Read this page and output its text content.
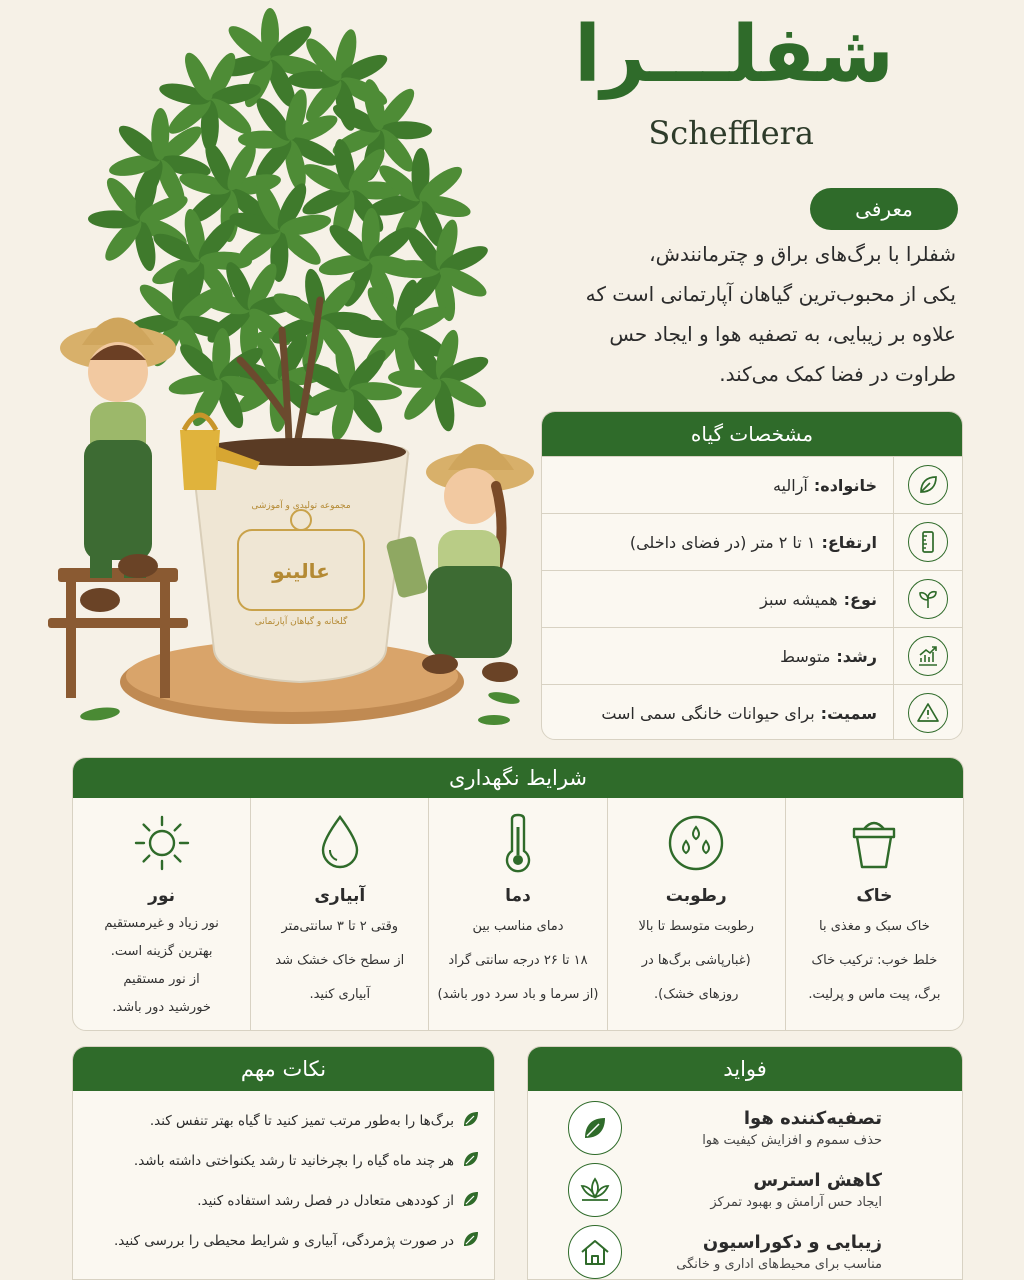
مجموعه تولیدی و آموزشی
عالینو
گلخانه و گیاهان آپارتمانی
شفلـــرا
Schefflera
معرفی
شفلرا با برگ‌های براق و چترمانندش،
یکی از محبوب‌ترین گیاهان آپارتمانی است که
علاوه بر زیبایی، به تصفیه هوا و ایجاد حس
طراوت در فضا کمک می‌کند.
مشخصات گیاه
خانواده:
آرالیه
ارتفاع:
۱ تا ۲ متر (در فضای داخلی)
نوع:
همیشه سبز
رشد:
متوسط
سمیت:
برای حیوانات خانگی سمی است
شرایط نگهداری
خاک
خاک سبک و مغذی با
خلط خوب: ترکیب خاک
برگ، پیت ماس و پرلیت.
رطوبت
رطوبت متوسط تا بالا
(غبارپاشی برگ‌ها در
روزهای خشک).
دما
دمای مناسب بین
۱۸ تا ۲۶ درجه سانتی گراد
(از سرما و باد سرد دور باشد)
آبیاری
وقتی ۲ تا ۳ سانتی‌متر
از سطح خاک خشک شد
آبیاری کنید.
نور
نور زیاد و غیرمستقیم
بهترین گزینه است.
از نور مستقیم
خورشید دور باشد.
نکات مهم
برگ‌ها را به‌طور مرتب تمیز کنید تا گیاه بهتر تنفس کند.
هر چند ماه گیاه را بچرخانید تا رشد یکنواختی داشته باشد.
از کوددهی متعادل در فصل رشد استفاده کنید.
در صورت پژمردگی، آبیاری و شرایط محیطی را بررسی کنید.
فواید
تصفیه‌کننده هوا
حذف سموم و افزایش کیفیت هوا
کاهش استرس
ایجاد حس آرامش و بهبود تمرکز
زیبایی و دکوراسیون
مناسب برای محیط‌های اداری و خانگی
